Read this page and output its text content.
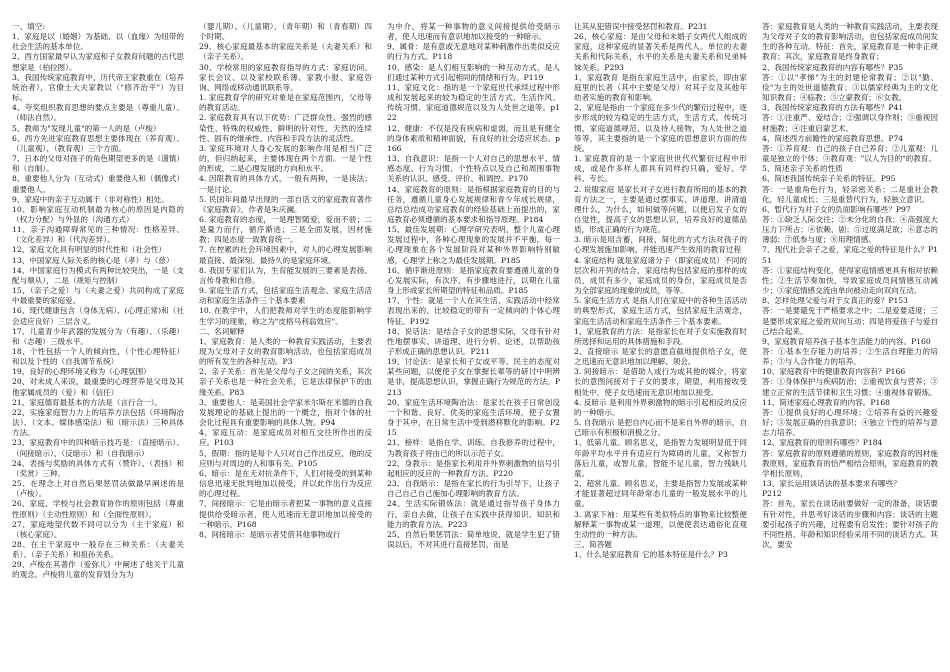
一、填空:

1、家庭是以（婚姻）为基础、以（血缘）为纽带的社会生活的基本单位。

2、西方国家最早认为家庭和子女教育问题的古代思想家是（柏拉图）。

3、我国传统家庭教育中，历代帝王家教重在（培养统治者），官僚士大夫家教以（"修齐治平"）为目标。

4、夸奖组织教育思想的要点主要是（尊重儿童）、（师法自然）。

5、教师为"发现儿童"的第一人的是（卢梭）

6、西方先进家庭教育思想主要体现在（养育观）、（儿童观）、（教育观）三个方面。

7、日本的父母对孩子的角色期望更多的是（谨慎）和（自制）。

8、重要他人分为（互动式）重要他人和（偶像式）重要他人。

9、家庭中的亲子互动属于（非对称性）相处。

10、影响家庭互动机制最为核心的原因是内隐的（权力分配）与外显的（沟通方式）

11、亲子沟通障碍常见的三种情况：性格差异、（文化差异）和（代沟差异）。

12、家庭文化具有明显的时代性和（社会性）

13、中国家庭人际关系的核心是（孝）与（慈）

14、中国家庭行为模式有两种比较突出，一是（支配与顺从），二是（规矩与控制）

15、（亲子之爱）与（夫妻之爱）共同构成了家庭中最重要的家庭爱。

16、现代健康包含（身体无病）、(心理正常)和（社会适应良好）三层含义。

17、儿童青少年武器的发展分为（有趣）、（乐趣）和（志趣）三级水平。

18、个性包括一个人的倾向性、（个性心理特征）和以及个性的（自我调节系统）

19、良好的心理环境又称为（心理氛围）

20、对未成人来说，最重要的心理营养是父母及其他家属成员的（爱）和（信任）

21、家庭德育最基本的方法是（言行合一）。

22、实施家庭智力力上的培养方法包括（环境陶冶法）、（文本、媒体感染法）和（暗示法）三种具体方法。

23、家庭教育中的四种暗示技巧是：（直接暗示）、（间接暗示）、（反暗示）和（自我暗示）

24、表扬与奖励的具体方式有（赞许）、（表扬）和（奖赏）三种。

25、在理念上对自然后果惩罚法做最早阐述的是（卢梭）。

26、家庭、学校与社会教育协作的原则包括（尊重性原则）（主动性原则）和（全面性原则）。

27、家庭地望代数不同可以分为（主干家庭）和（核心家庭）。

28、在主干家庭中一般存在三种关系：（夫妻关系）、（亲子关系）和祖孙关系。

29、卢梭在其著作（爱弥儿）中阐述了他关于儿童的观念。卢梭将儿童的发育划分为为

（婴儿期）、（儿童期）、（青年期）和（青春期）四个时期。

29、核心家庭最基本的家庭关系是（夫妻关系）和（亲子关系）。

30、学校常用的家庭教育指导的方式：家庭访问、家长会议、以及家校联系薄、家教小报、家庭咨询、网络或移动通讯联系等。

1. 家庭教育学的研究对象是在家庭范围内，父母等的教育活动。

2. 家庭教育具有以下优势：广泛群众性、强烈的感染性、特殊的权威性、鲜明的针对性、天然的连续性、固有的继承性、内容和手段方法的灵活性。

3. 家庭环境对人身心发展的影响作用是相当广泛的，但归纳起来，主要体现在两个方面。一是个性的形成，二是心理发展的方向和水平。

4. 因限教育的具体方式，一般有两种，一是读法；一是讨论。

5. 民国年间最早出现的一部自话文的家庭教育著作《家庭教育》，作者是朱庆澜。

6. 家庭教育的态度，一是理智随爱，爱而不骄；二是量力而行，循序渐进；三是全面发展，因材施教；四是态度一致教育统一。

7. 在控累的社会环境因素中，对人的心理发展影响最直接、最深刻、最持久的是家庭环境。

8. 我国专家们认为，生育能发展的三要素是表扬、言传身教和自修。

9. 家庭生活方式，包括家庭生活观念、家庭生活活动和家庭生活条件三个基本要素

10. 在教学中，人们把教师对学生的态度能影响学生学习的现象，称之为"皮格马利翁效应"。

二、名词解释

1、家庭教育：是人类的一种教育实践活动，主要表现为父母对子女的教育影响活动，也包括家庭成员的所有发生的各种互动。P3

2、亲子关系：首先是父母与子女之间的关系，其次亲子关系也是一种社会关系，它是法律保护下的血缘关系。P83

3、重要他人：是美国社会学家米尔斯在米德的自我发展理论的基础上提出的一个概念，指对个体的社会化过程具有重要影响的具体人物。P94

4、家庭互动：是家庭成员对相互交往所作出的反应。P103

5、假期：指的是每个人只对自己作出反应，他的反应则与对周边的人和事有关。P105

6、暗示：是在无对抗条件下，人们对接受的到某种信息迅速无批判地加以接受，并以此作出行为反应的心理过程。

7、间接暗示：它是由暗示者把某一事物的意义直接提供给受暗示者，使人迅速而无意识地加以接受的一种暗示。P168

8、间接暗示：是暗示者凭借其他事物或行

为中介，将某一种事物的意义间接提供给受暗示者，使人迅速而有意识地加以接受的一种暗示。

9、属骨：是有意或无意地对某种刺激作出类似反应的行为方式。P118

10、感染：是人们相互影响的一种互动方式，是人们通过某种方式引起相同的情绪和行为。P119

11、家庭文化：指的是一个家庭世代承续过程中形成和发展起来的较为稳定的生活方式、生活作风、传统习惯、家庭道德规范以及为人处世之道等。p122

12、健康：不仅是没有疾病和虚弱，而且是有健全的身体素质和精神面貌，有良好的社会适应状态。p166

13、自我意识：是指一个人对自己的思想水平、情感态度、行为习惯、个性特点以及自己和周围事物关系的认识、感受、评价、和调控。P170

14、家庭教育的原则：是指根据家庭教育的目的与任务，遵循儿童身心发展规律和青少年成长规律，总结总结成功家庭教育的经验基础上而提出的，家庭教育必须遵循的基本要求和指导原理。P184

15、最佳发展期：心理学研究表明，整个儿童心理发展过程中，各种心理现象的发展并不平衡，每一心理现象在各个发展阶段对某种外界影响特别敏感，心理学上称之为最佳发展期。P185

16、循序渐进原则：是指家庭教育要遵循儿童的身心发展实际，有次序、有步骤地进行，以期在儿童身上形成家长所期望的特征和品质。P185

17、个性：就是一个人在其生活、实践活动中经常表现出来的、比较稳定的带有一定倾向的个体心理特征。P192

18、说话法：是结合子女的思想实际，父母有针对性地摆事实、讲道理、进行分析、论述，以帮助孩子形成正确的思想认识。P211

19、讨论法：是家长和子女或平等、民主的态度对某些问题，以便使子女在掌握长辈等的研讨中明辨是非，提高思想认识，掌握正确行为规范的方法。P213

20、家庭生活环境陶冶法：是家长在孩子日常创设一个和谐、良好、优美的家庭生活环境，使子女置身于其中，在日常生活中受到潜移默化的影响。P215

21、榜样：是指在学、训练、自我修养的过程中，为教育孩子将由已的所以示范子女。

22、身教示：是指家长利用并外界刺激物的信号引起相应的反应的一种教育方法。P220

23、自我暗示：是指在家长的行为引导下，让孩子自己自己自己施加心理影响的教育方法。

24、生活实际锻炼法：就是通过指导孩子身体力行，亲自去做，让孩子在实践中获得知识、知识和能力的教育方法。P223

25、自然后果惩罚法：简单地说，就是学生犯了错误以后，不对其进行直接惩罚，而是

让其从犯错误中接受惩罚和教育。P231

26、核心家庭：是由父母和未婚子女两代人组成的家庭，这种家庭的显著关系是两代人。单位的夫妻关系和代际关系，水平的关系是夫妻关系和兄弟姊妹关系。P293

1、家庭教育 是指在家庭生活中，由家长，即由家庭里的长者（其中主要是父母）对其子女及其他年幼者实施的教育和影响。

2、家庭是指由一个家庭在多少代的繁衍过程中，逐步形成的较为稳定的生活方式，生活方式，传统习惯，家庭道德规范，以及待人接物，为人处世之道等等，其主要指的是一个家庭的思想意识方面的传统。

1. 家庭教育的是一个家庭世世代代繁衍过程中形成，或是作多样人都具有同样约只确，爱好、学科、专长。

2. 说服家庭 是家长对子女进行教育所用的基本的教育方法之一，主要是通过摆事实、讲道理、讲清道理什么，为什么，如何做等问题，以便启发子女的自觉性，提高子女的思想认识，培养良好的道德品质，形成正确的行为规范。

3. 暗示是用含蓄，间接，简化的方式方法对孩子的心理发展施加影响，并能迅速产生效用的教育过程

4. 家庭结构 就是家庭诸分子（即家庭成员）不同的层次和开列的结合，家庭结构包括家庭的那样的成员，成员有多少，家庭成员的身份，家庭成员是否为全部家庭的现象的成员，等等。

5. 家庭生活方式 是指人们在家庭中的各种生活活动的典型形式，家庭生活方式，包括家庭生活观念，家庭生活活动和家庭生活条件三个基本要素。

1、家庭教育的方法：是指家长在对子女实施教育时所选择和运用的具体措施和手段。

2、直接暗示 是家长的意愿直截地提供给子女，使之迅速而无意识地加以理解、领会。

3. 间接暗示：是借助人或行为或其他的媒介，将家长的意图间接对于子女的要求，期望，利用接收受相处中，使子女迅速而无意识地加以接受。

4. 反暗示 是利用外界刺激物的暗示引起相反的反应的一种暗示。

5. 自我暗示 是把自内心而不是来自外界的暗示，自己暗示有积极和消极之分。

1、低第儿童。顾名思义，是指智力发展明显低于同年龄平均水平并有适应行为障碍的儿童，又称智力落后儿童，或智儿童，智能不足儿童，智力残缺儿童。

2、超常儿童。顾名思义，主要是指智力发展或某种才能显著超过同年龄常态儿童的一般发展水平的儿童。

3. 离家下袖：用某些有类似特点的事物来比较整便解释某一事物或某一道理，以便使表达通俗化直观生动性的一种方法。

三、简答题

1、什么是家庭教育 它的基本特征是什么？P3

答：家庭教育是人类的一种教育实践活动，主要表现为父母对子女的教育影响活动，也包括家庭成员间发生的各种互动。特征：首先，家庭教育是一种非正规教育；其次，家庭教育是终身教育；

2、我国传统家庭教育的内容有哪些？P35

答：①以"孝悌"为主的封建伦常教育；②以"勤、俭"为主的处世道德教育；③以儒家经典为主的文化知识教育；④临教；⑤立蒙教育；⑥女教。

3、我国传统家庭教育的方法有哪些？P41

答：①注重严、爱结合；②强调以身作则；③重视因材施教；④注重启蒙艺术。

4、简述西方前瞻性的家庭教育思想。P74

答：①养育观：自己的孩子自己养育；②儿童观：儿童是独立的个体；③教育观："以人为目的"的教育。

5、简述亲子关系的性质

6、简述我国传统亲子关系的特征。P95

答：一是重角色行为，轻亲密关系；二是重社会教化，轻儿童成长；三是重替代行为，轻独立意识。

6、暂代行为对子女的负面影响有哪些？P97

答：①缺乏人际交往；②未分化的自我；④高强度大压力下所占；④依赖、剧；⑤过度满足欲；⑥意志的薄弱；⑦低参与度；⑧用理情感。

7、现代社会亲子之爱，家庭之爱的特征是什么？P151

答：①家庭结构变化，使得家庭情感更具有相对依赖性；②生活节奏加快，导致家庭成员间情感互动减少；③家庭情感交流由单向被动走向双向互动。

8、怎样处理父爱与对于女真正的爱？P153

答：一是要避免于严格要求之中；二是爱要适度；三是要形成家庭之爱的双向互动；四是将爱孩子与爱自己结合起来。

9、家庭教育培养孩子基本生活能力的内容。P160

答：①基本生存能力的培养；②生活自理能力的培养；③与人合作能力的培养。

10、家庭教育中的健康教育内容有？P166

答：①身体保护与疾病防治；②重视饮食与营养；③建立正常的生活节律和卫生习惯；④重视体育锻炼。

11、简述家庭心理教育的内容。P168

答：①提供良好的心理环境；②培养有益的兴趣爱好；③发展正确的自我意识；④独立个性的培养与意志力培养。

12、家庭教育的原则有哪些？P184

答：家庭教育的原则遵循的原则，家庭教育的因材施教原则，家庭教育的恰严相结合原则，家庭教育的教学相长原则，

13、家长运用谈话法的基本要求有哪些？

P212

答：首先，家长在谈话前要做好一定的准备，谈话要有针对性，并思考好谈话的步骤和内容；谈话的主题要引起孩子的兴趣，过程要有启发性；要针对孩子的不同性格、年龄和知识经验采用不同的谈话方式。其次，要安
